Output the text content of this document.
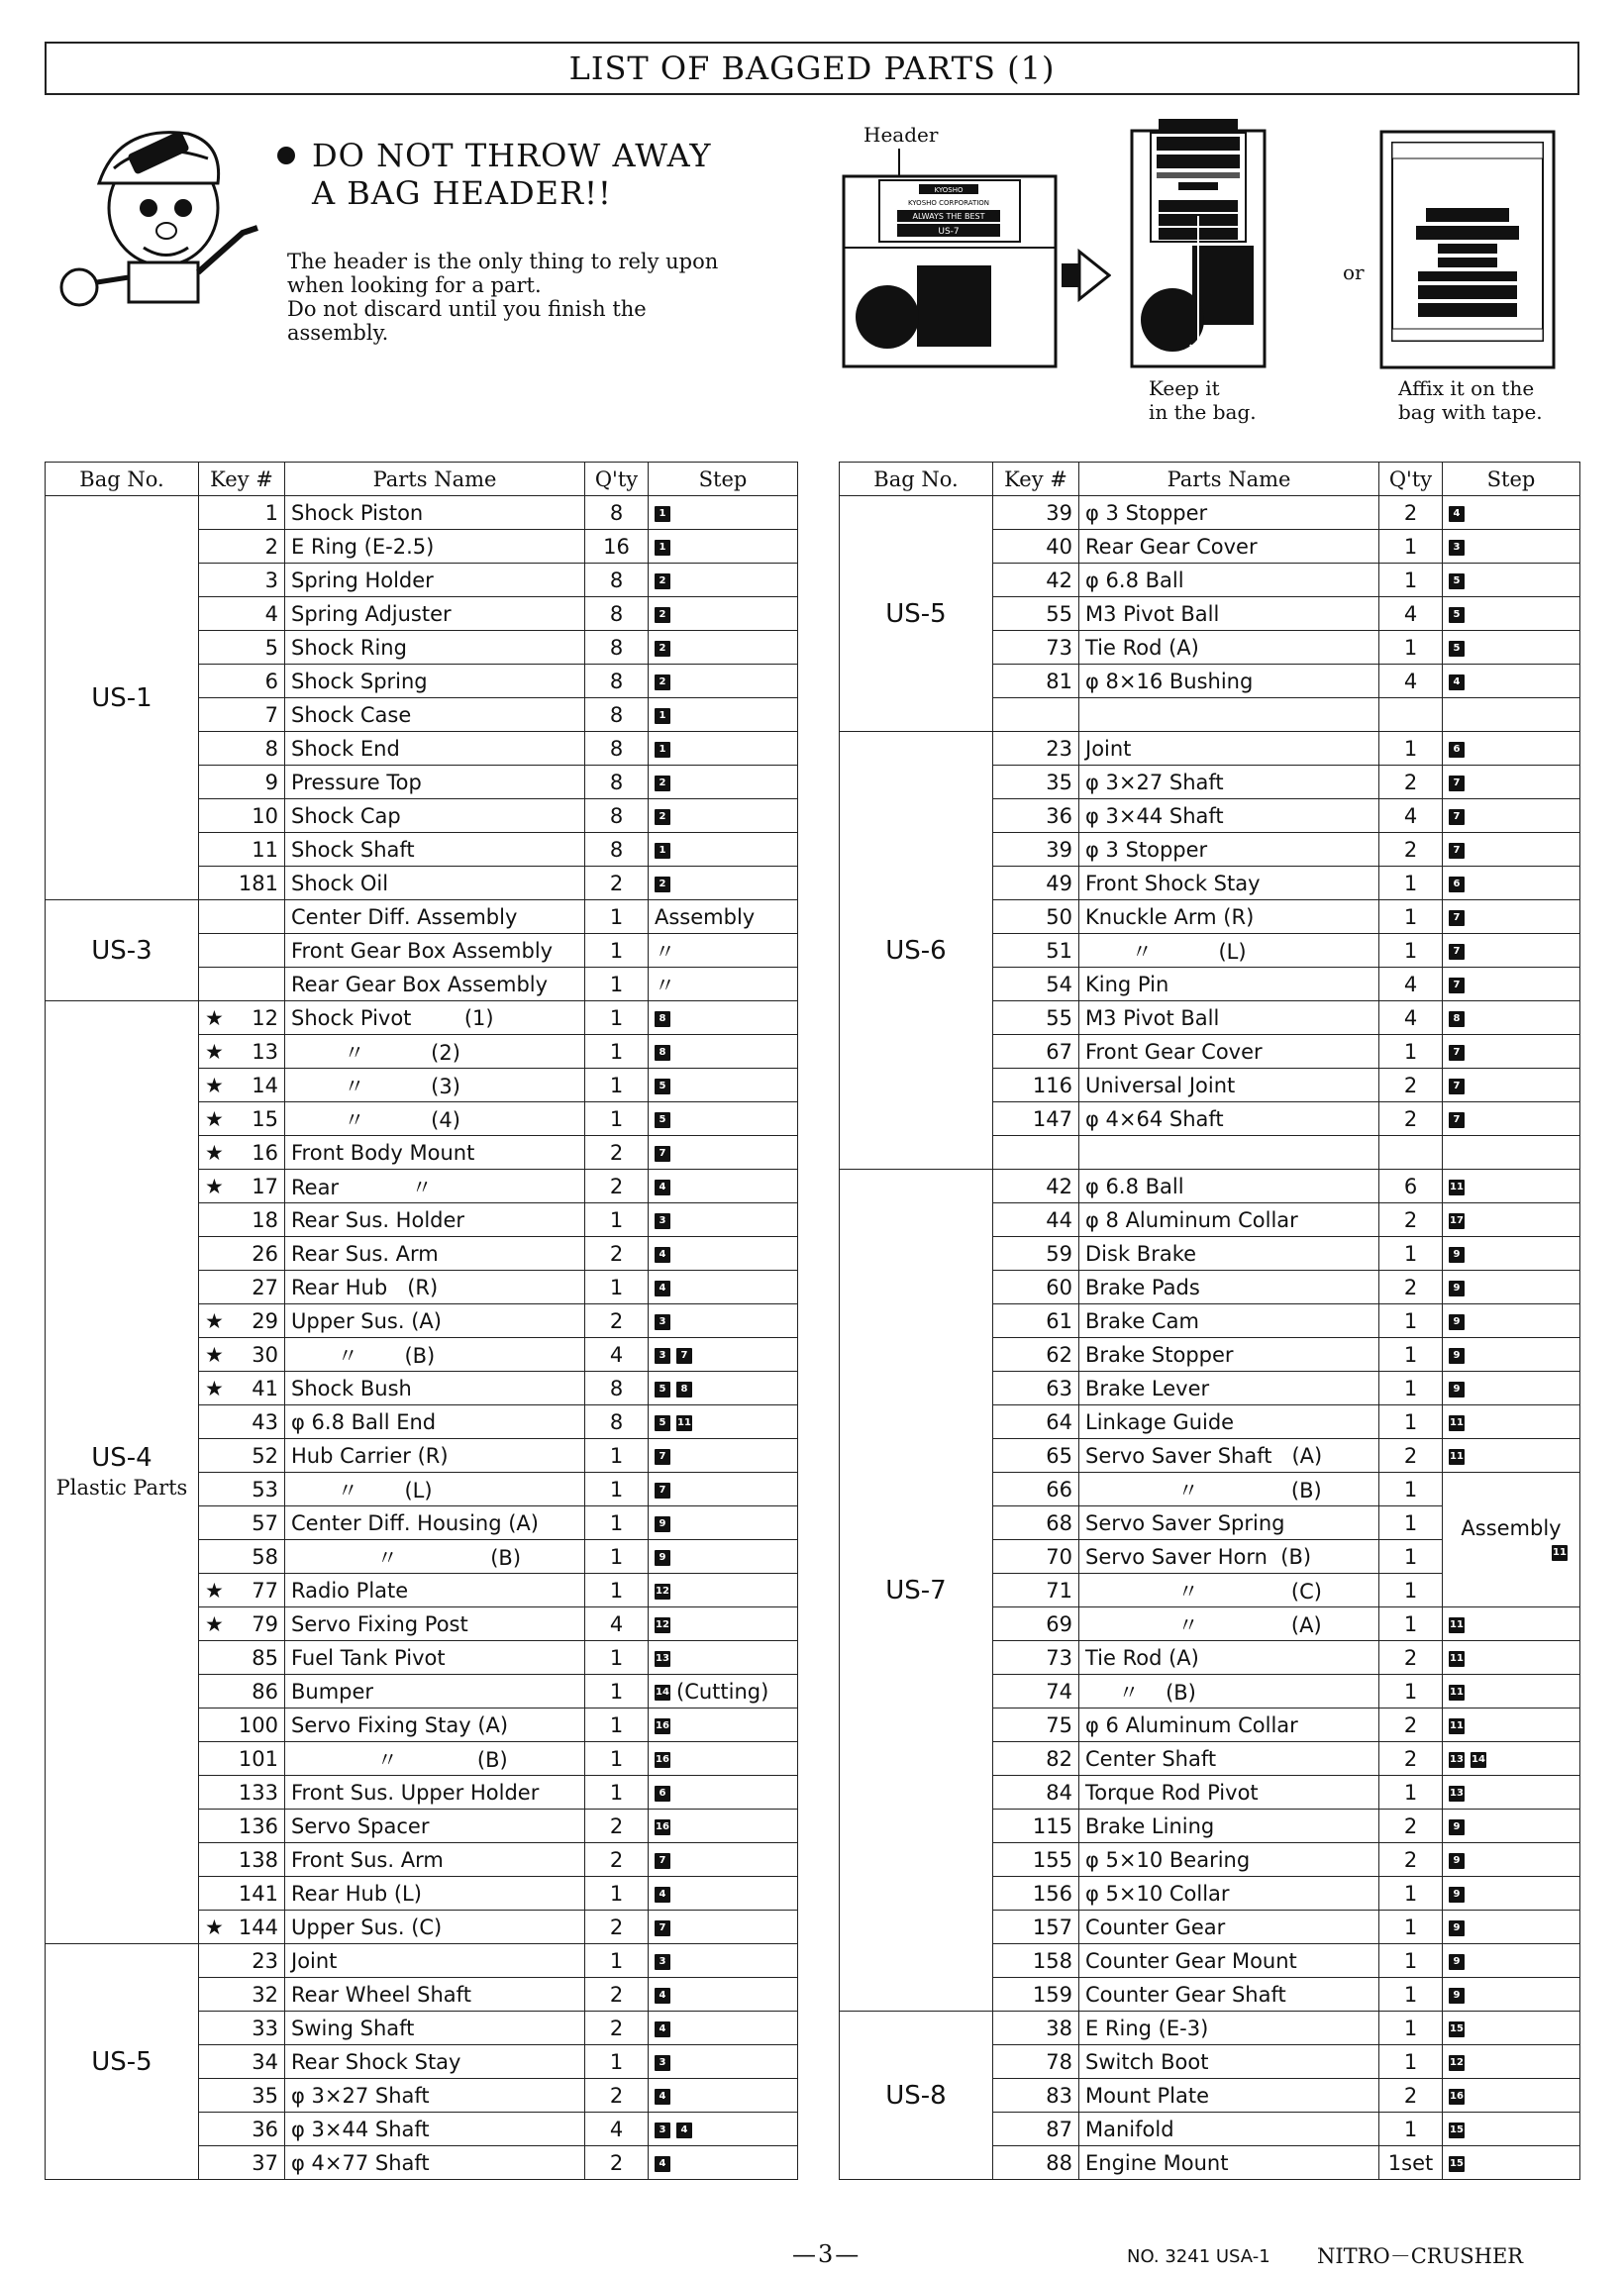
LIST OF BAGGED PARTS (1)
DO NOT THROW AWAY
A BAG HEADER!!
The header is the only thing to rely upon
when looking for a part.
Do not discard until you finish the
assembly.
Header
KYOSHO
KYOSHO CORPORATION
ALWAYS THE BEST
US-7
or
Keep it
in the bag.
Affix it on the
bag with tape.
Bag No.	Key #	Parts Name	Q'ty	Step
US-1	1	Shock Piston	8	1
	2	E Ring (E-2.5)	16	1
	3	Spring Holder	8	2
	4	Spring Adjuster	8	2
	5	Shock Ring	8	2
	6	Shock Spring	8	2
	7	Shock Case	8	1
	8	Shock End	8	1
	9	Pressure Top	8	2
	10	Shock Cap	8	2
	11	Shock Shaft	8	1
	181	Shock Oil	2	2
US-3		Center Diff. Assembly	1	Assembly
		Front Gear Box Assembly	1	〃
		Rear Gear Box Assembly	1	〃
US-4
Plastic Parts	★ 12	Shock Pivot        (1)	1	8

	★ 13	〃          (2)	1	8

	★ 14	〃          (3)	1	5

	★ 15	〃          (4)	1	5

	★ 16	Front Body Mount	2	7

	★ 17	Rear           〃	2	4
	18	Rear Sus. Holder	1	3
	26	Rear Sus. Arm	2	4
	27	Rear Hub   (R)	1	4

	★ 29	Upper Sus. (A)	2	3

	★ 30	〃       (B)	4	3 7

	★ 41	Shock Bush	8	5 8
	43	φ 6.8 Ball End	8	5 11
	52	Hub Carrier (R)	1	7
	53	〃       (L)	1	7
	57	Center Diff. Housing (A)	1	9
	58	〃              (B)	1	9

	★ 77	Radio Plate	1	12

	★ 79	Servo Fixing Post	4	12
	85	Fuel Tank Pivot	1	13
	86	Bumper	1	14 (Cutting)
	100	Servo Fixing Stay (A)	1	16
	101	〃            (B)	1	16
	133	Front Sus. Upper Holder	1	6
	136	Servo Spacer	2	16
	138	Front Sus. Arm	2	7
	141	Rear Hub (L)	1	4

	★ 144	Upper Sus. (C)	2	7
US-5	23	Joint	1	3
	32	Rear Wheel Shaft	2	4
	33	Swing Shaft	2	4
	34	Rear Shock Stay	1	3
	35	φ 3×27 Shaft	2	4
	36	φ 3×44 Shaft	4	3 4
	37	φ 4×77 Shaft	2	4
Bag No.	Key #	Parts Name	Q'ty	Step
US-5	39	φ 3 Stopper	2	4
	40	Rear Gear Cover	1	3
	42	φ 6.8 Ball	1	5
	55	M3 Pivot Ball	4	5
	73	Tie Rod (A)	1	5
	81	φ 8×16 Bushing	4	4

US-6	23	Joint	1	6
	35	φ 3×27 Shaft	2	7
	36	φ 3×44 Shaft	4	7
	39	φ 3 Stopper	2	7
	49	Front Shock Stay	1	6
	50	Knuckle Arm (R)	1	7
	51	〃          (L)	1	7
	54	King Pin	4	7
	55	M3 Pivot Ball	4	8
	67	Front Gear Cover	1	7
	116	Universal Joint	2	7
	147	φ 4×64 Shaft	2	7

US-7	42	φ 6.8 Ball	6	11
	44	φ 8 Aluminum Collar	2	17
	59	Disk Brake	1	9
	60	Brake Pads	2	9
	61	Brake Cam	1	9
	62	Brake Stopper	1	9
	63	Brake Lever	1	9
	64	Linkage Guide	1	11
	65	Servo Saver Shaft   (A)	2	11
	66	〃              (B)	1	Assembly
11

	68	Servo Saver Spring	1	
	70	Servo Saver Horn  (B)	1	
	71	〃              (C)	1	
	69	〃              (A)	1	11
	73	Tie Rod (A)	2	11
	74	〃    (B)	1	11
	75	φ 6 Aluminum Collar	2	11
	82	Center Shaft	2	13 14
	84	Torque Rod Pivot	1	13
	115	Brake Lining	2	9
	155	φ 5×10 Bearing	2	9
	156	φ 5×10 Collar	1	9
	157	Counter Gear	1	9
	158	Counter Gear Mount	1	9
	159	Counter Gear Shaft	1	9
US-8	38	E Ring (E-3)	1	15
	78	Switch Boot	1	12
	83	Mount Plate	2	16
	87	Manifold	1	15
	88	Engine Mount	1set	15
—3—	NO. 3241 USA-1 NITRO－CRUSHER
